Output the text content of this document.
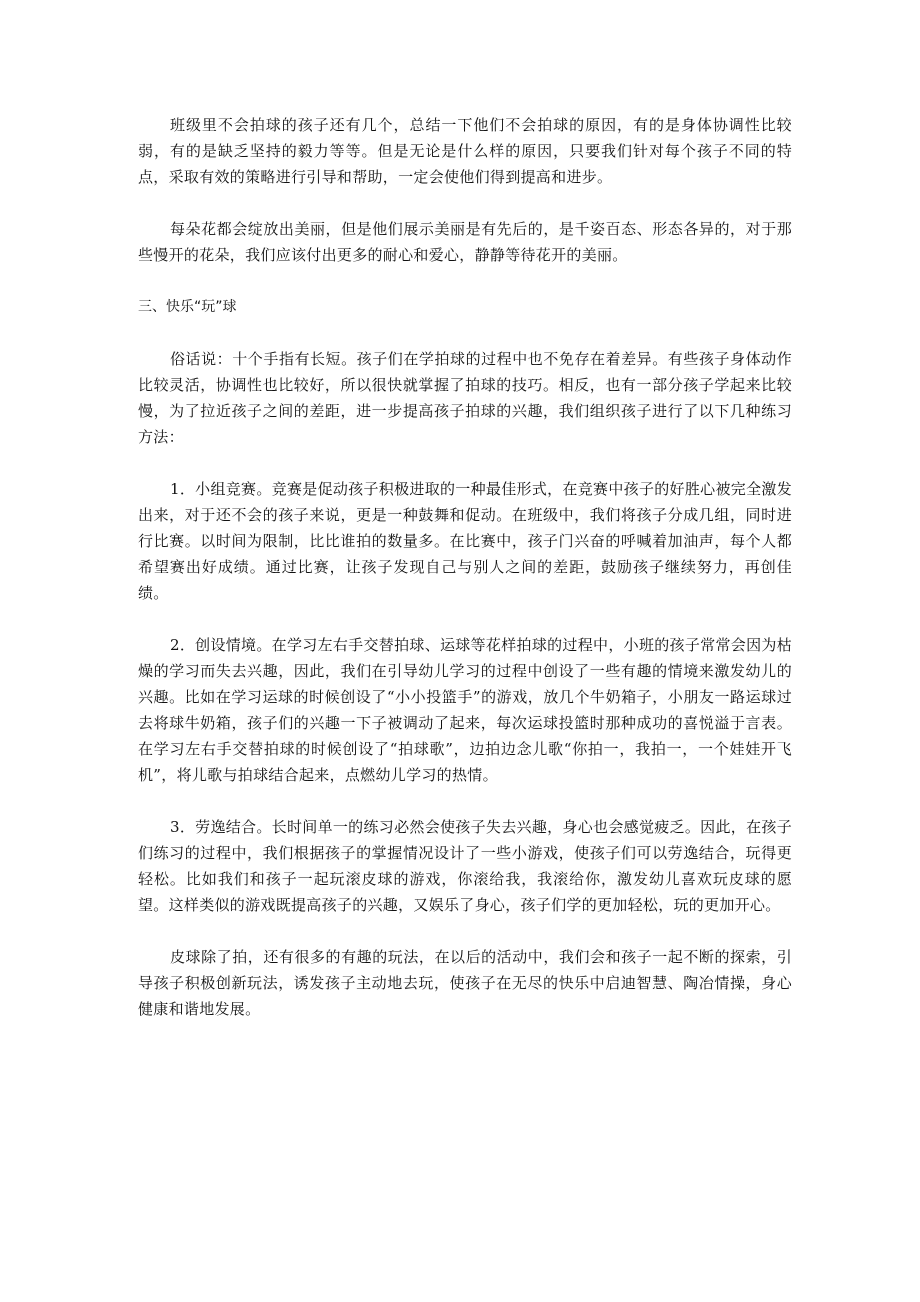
班级里不会拍球的孩子还有几个，总结一下他们不会拍球的原因，有的是身体协调性比较弱，有的是缺乏坚持的毅力等等。但是无论是什么样的原因，只要我们针对每个孩子不同的特点，采取有效的策略进行引导和帮助，一定会使他们得到提高和进步。

每朵花都会绽放出美丽，但是他们展示美丽是有先后的，是千姿百态、形态各异的，对于那些慢开的花朵，我们应该付出更多的耐心和爱心，静静等待花开的美丽。

三、快乐“玩”球

俗话说：十个手指有长短。孩子们在学拍球的过程中也不免存在着差异。有些孩子身体动作比较灵活，协调性也比较好，所以很快就掌握了拍球的技巧。相反，也有一部分孩子学起来比较慢，为了拉近孩子之间的差距，进一步提高孩子拍球的兴趣，我们组织孩子进行了以下几种练习方法：

1．小组竞赛。竞赛是促动孩子积极进取的一种最佳形式，在竞赛中孩子的好胜心被完全激发出来，对于还不会的孩子来说，更是一种鼓舞和促动。在班级中，我们将孩子分成几组，同时进行比赛。以时间为限制，比比谁拍的数量多。在比赛中，孩子门兴奋的呼喊着加油声，每个人都希望赛出好成绩。通过比赛，让孩子发现自己与别人之间的差距，鼓励孩子继续努力，再创佳绩。

2．创设情境。在学习左右手交替拍球、运球等花样拍球的过程中，小班的孩子常常会因为枯燥的学习而失去兴趣，因此，我们在引导幼儿学习的过程中创设了一些有趣的情境来激发幼儿的兴趣。比如在学习运球的时候创设了“小小投篮手”的游戏，放几个牛奶箱子，小朋友一路运球过去将球牛奶箱，孩子们的兴趣一下子被调动了起来，每次运球投篮时那种成功的喜悦溢于言表。在学习左右手交替拍球的时候创设了“拍球歌”，边拍边念儿歌“你拍一，我拍一，一个娃娃开飞机”，将儿歌与拍球结合起来，点燃幼儿学习的热情。

3．劳逸结合。长时间单一的练习必然会使孩子失去兴趣，身心也会感觉疲乏。因此，在孩子们练习的过程中，我们根据孩子的掌握情况设计了一些小游戏，使孩子们可以劳逸结合，玩得更轻松。比如我们和孩子一起玩滚皮球的游戏，你滚给我，我滚给你，激发幼儿喜欢玩皮球的愿望。这样类似的游戏既提高孩子的兴趣，又娱乐了身心，孩子们学的更加轻松，玩的更加开心。

皮球除了拍，还有很多的有趣的玩法，在以后的活动中，我们会和孩子一起不断的探索，引导孩子积极创新玩法，诱发孩子主动地去玩，使孩子在无尽的快乐中启迪智慧、陶冶情操，身心健康和谐地发展。
